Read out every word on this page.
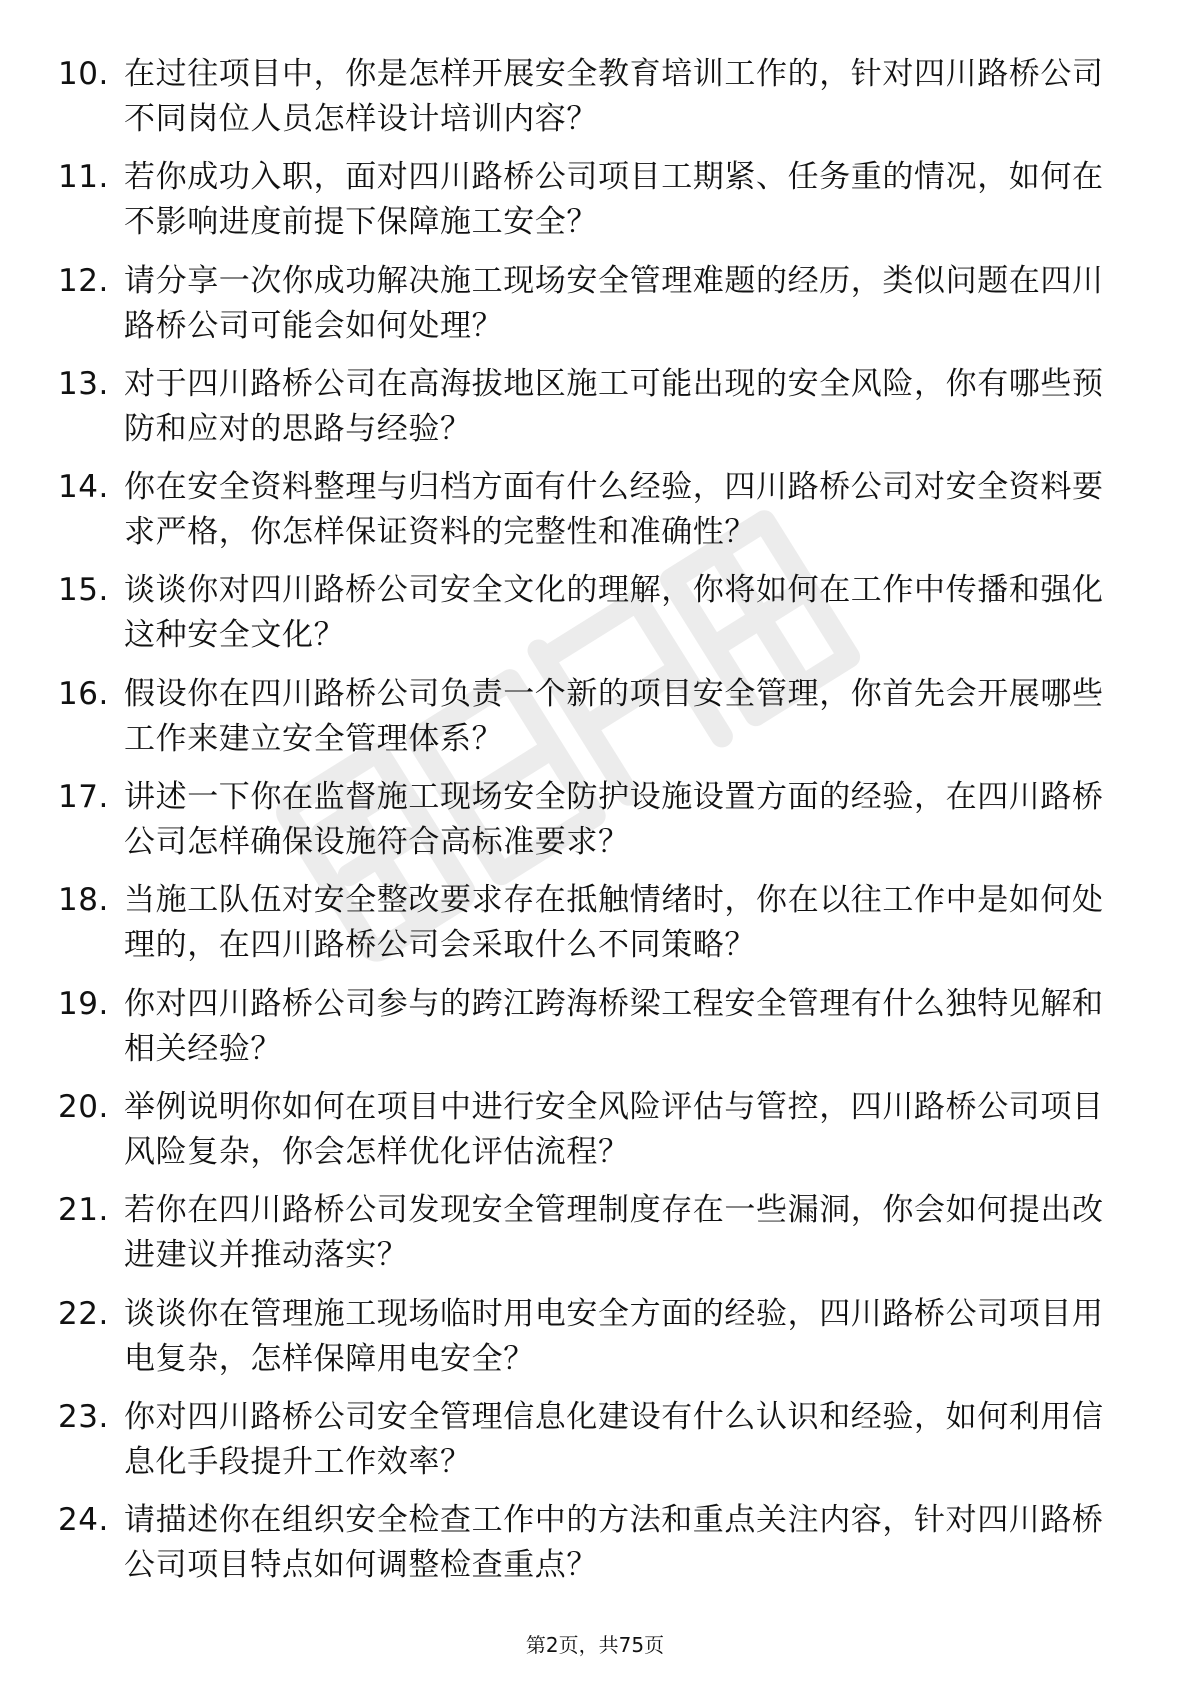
10. 在过往项目中，你是怎样开展安全教育培训工作的，针对四川路桥公司不同岗位人员怎样设计培训内容？
11. 若你成功入职，面对四川路桥公司项目工期紧、任务重的情况，如何在不影响进度前提下保障施工安全？
12. 请分享一次你成功解决施工现场安全管理难题的经历，类似问题在四川路桥公司可能会如何处理？
13. 对于四川路桥公司在高海拔地区施工可能出现的安全风险，你有哪些预防和应对的思路与经验？
14. 你在安全资料整理与归档方面有什么经验，四川路桥公司对安全资料要求严格，你怎样保证资料的完整性和准确性？
15. 谈谈你对四川路桥公司安全文化的理解，你将如何在工作中传播和强化这种安全文化？
16. 假设你在四川路桥公司负责一个新的项目安全管理，你首先会开展哪些工作来建立安全管理体系？
17. 讲述一下你在监督施工现场安全防护设施设置方面的经验，在四川路桥公司怎样确保设施符合高标准要求？
18. 当施工队伍对安全整改要求存在抵触情绪时，你在以往工作中是如何处理的，在四川路桥公司会采取什么不同策略？
19. 你对四川路桥公司参与的跨江跨海桥梁工程安全管理有什么独特见解和相关经验？
20. 举例说明你如何在项目中进行安全风险评估与管控，四川路桥公司项目风险复杂，你会怎样优化评估流程？
21. 若你在四川路桥公司发现安全管理制度存在一些漏洞，你会如何提出改进建议并推动落实？
22. 谈谈你在管理施工现场临时用电安全方面的经验，四川路桥公司项目用电复杂，怎样保障用电安全？
23. 你对四川路桥公司安全管理信息化建设有什么认识和经验，如何利用信息化手段提升工作效率？
24. 请描述你在组织安全检查工作中的方法和重点关注内容，针对四川路桥公司项目特点如何调整检查重点？
第2页，共75页
